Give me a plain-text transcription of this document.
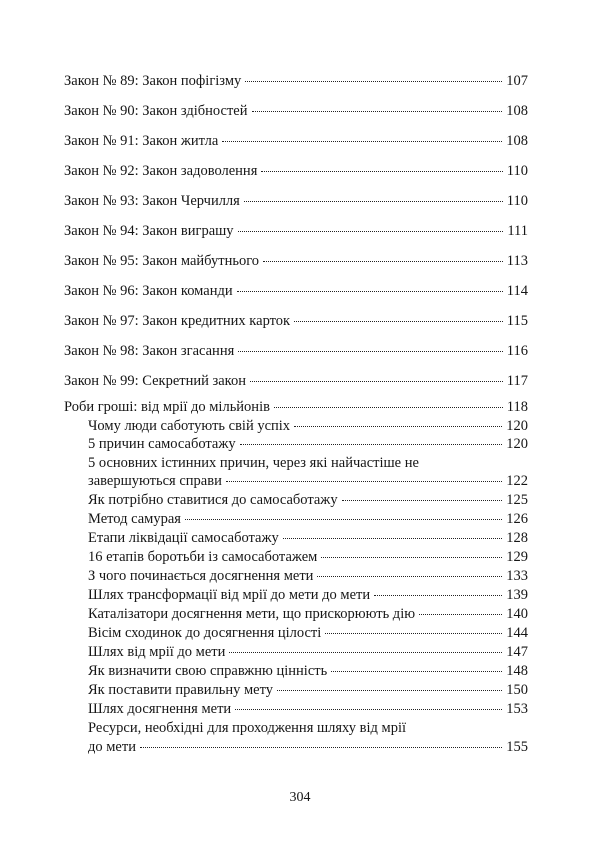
Закон № 89: Закон пофігізму	107
Закон № 90: Закон здібностей	108
Закон № 91: Закон житла	108
Закон № 92: Закон задоволення	110
Закон № 93: Закон Черчилля	110
Закон № 94: Закон виграшу	111
Закон № 95: Закон майбутнього	113
Закон № 96: Закон команди	114
Закон № 97: Закон кредитних карток	115
Закон № 98: Закон згасання	116
Закон № 99: Секретний закон	117
Роби гроші: від мрії до мільйонів	118
Чому люди саботують свій успіх	120
5 причин самосаботажу	120
5 основних істинних причин, через які найчастіше не
завершуються справи	122
Як потрібно ставитися до самосаботажу	125
Метод самурая	126
Етапи ліквідації самосаботажу	128
16 етапів боротьби із самосаботажем	129
З чого починається досягнення мети	133
Шлях трансформації від мрії до мети до мети	139
Каталізатори досягнення мети, що прискорюють дію	140
Вісім сходинок до досягнення цілості	144
Шлях від мрії до мети	147
Як визначити свою справжню цінність	148
Як поставити правильну мету	150
Шлях досягнення мети	153
Ресурси, необхідні для проходження шляху від мрії
до мети	155
304
